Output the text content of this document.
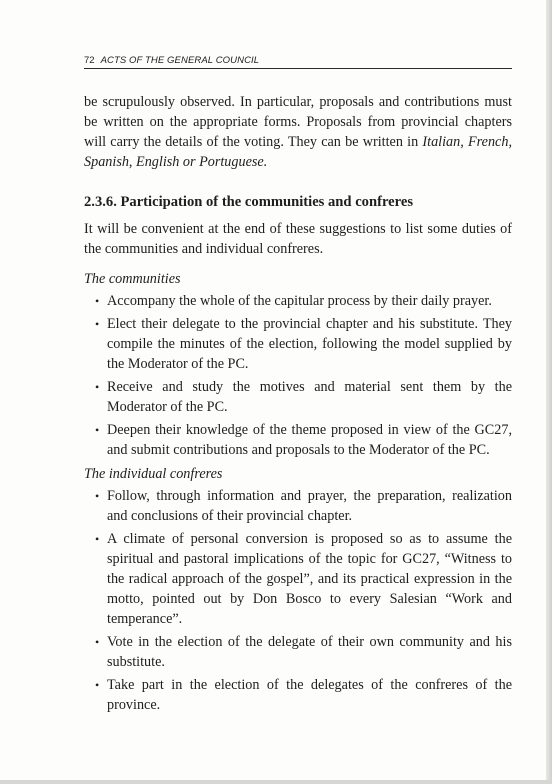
72 ACTS OF THE GENERAL COUNCIL

be scrupulously observed. In particular, proposals and contributions must be written on the appropriate forms. Proposals from provincial chapters will carry the details of the voting. They can be written in Italian, French, Spanish, English or Portuguese.

2.3.6. Participation of the communities and confreres

It will be convenient at the end of these suggestions to list some duties of the communities and individual confreres.

The communities

• Accompany the whole of the capitular process by their daily prayer.
• Elect their delegate to the provincial chapter and his substitute. They compile the minutes of the election, following the model supplied by the Moderator of the PC.
• Receive and study the motives and material sent them by the Moderator of the PC.
• Deepen their knowledge of the theme proposed in view of the GC27, and submit contributions and proposals to the Moderator of the PC.

The individual confreres

• Follow, through information and prayer, the preparation, realization and conclusions of their provincial chapter.
• A climate of personal conversion is proposed so as to assume the spiritual and pastoral implications of the topic for GC27, “Witness to the radical approach of the gospel”, and its practical expression in the motto, pointed out by Don Bosco to every Salesian “Work and temperance”.
• Vote in the election of the delegate of their own community and his substitute.
• Take part in the election of the delegates of the confreres of the province.
